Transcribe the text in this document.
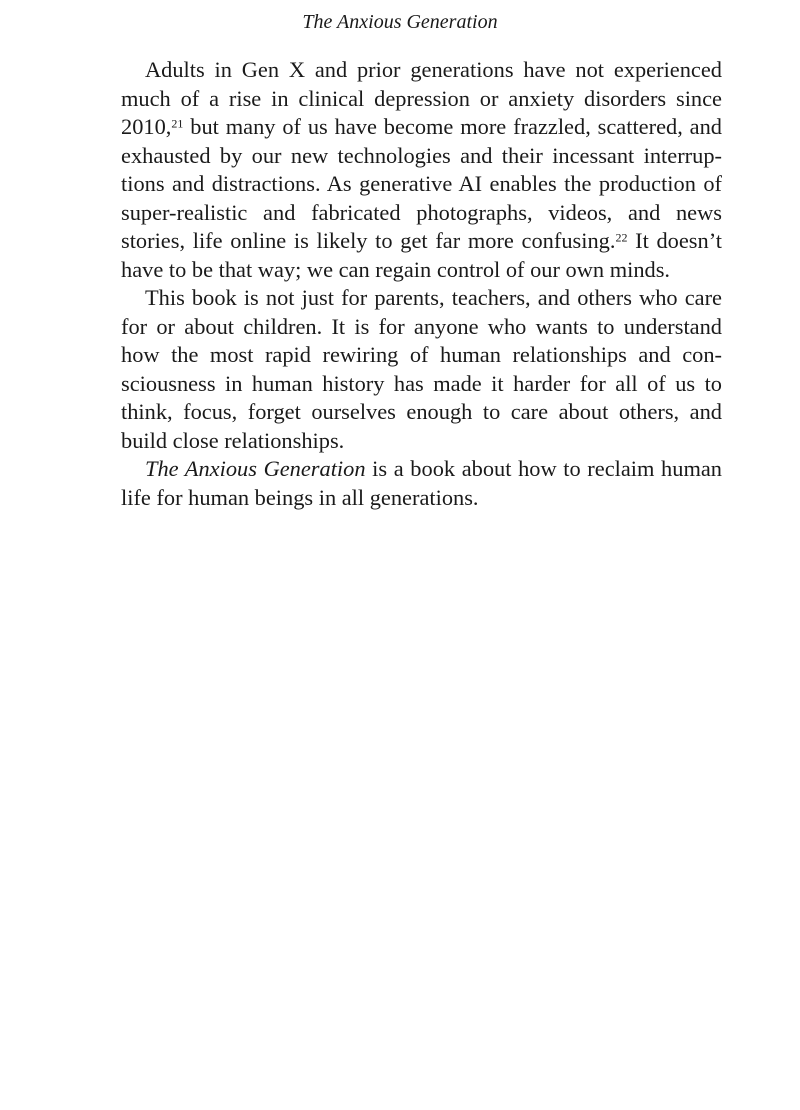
The Anxious Generation

Adults in Gen X and prior generations have not experienced much of a rise in clinical depression or anxiety disorders since 2010,21 but many of us have become more frazzled, scattered, and exhausted by our new technologies and their incessant interruptions and distractions. As generative AI enables the production of super-realistic and fabricated photographs, videos, and news stories, life online is likely to get far more confusing.$^{22}$ It doesn’t have to be that way; we can regain control of our own minds.

This book is not just for parents, teachers, and others who care for or about children. It is for anyone who wants to understand how the most rapid rewiring of human relationships and consciousness in human history has made it harder for all of us to think, focus, forget ourselves enough to care about others, and build close relationships.

The Anxious Generation is a book about how to reclaim human life for human beings in all generations.
